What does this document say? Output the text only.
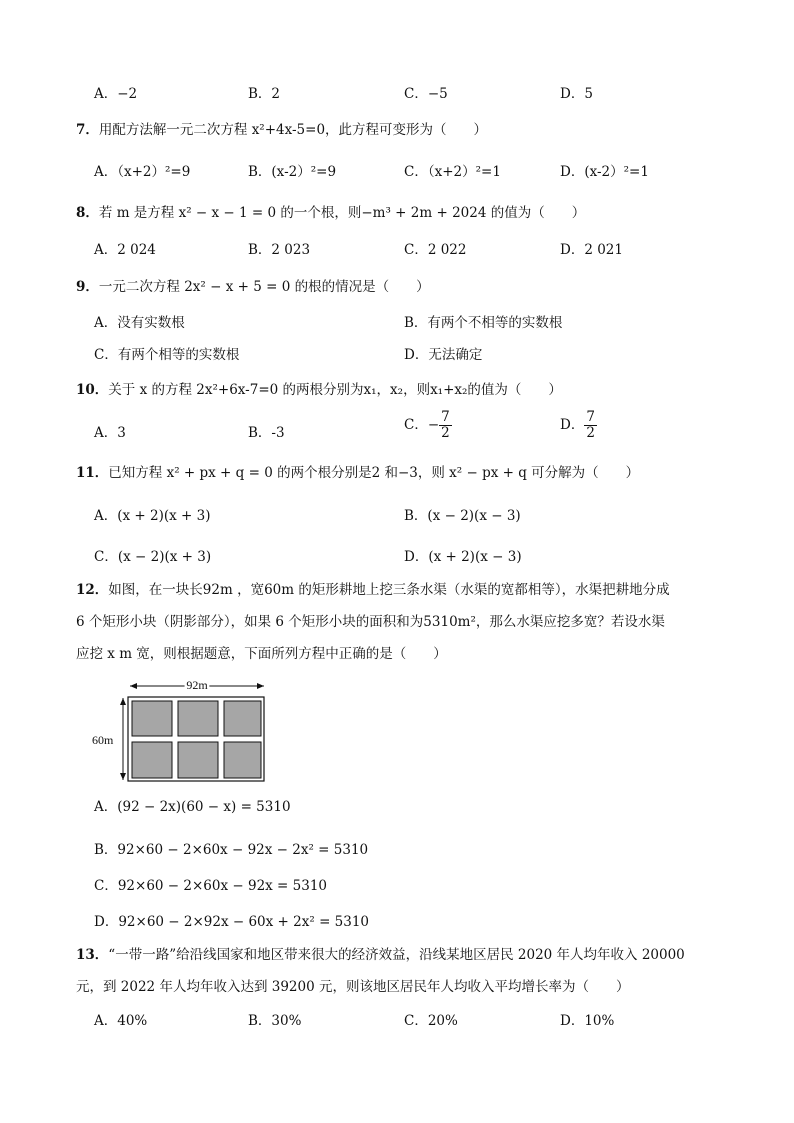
A．−2	B．2	C．−5	D．5
7．用配方法解一元二次方程 x²+4x-5=0，此方程可变形为（　　）
A．（x+2）²=9	B．(x-2）²=9	C．（x+2）²=1	D．(x-2）²=1
8．若 m 是方程 x² − x − 1 = 0 的一个根，则−m³ + 2m + 2024 的值为（　　）
A．2 024	B．2 023	C．2 022	D．2 021
9．一元二次方程 2x² − x + 5 = 0 的根的情况是（　　）
A．没有实数根	B．有两个不相等的实数根
C．有两个相等的实数根	D．无法确定
10．关于 x 的方程 2x²+6x-7=0 的两根分别为x₁，x₂，则x₁+x₂的值为（　　）
A．3	B．-3	C．− $\frac{7}{2}$	D． $\frac{7}{2}$
11．已知方程 x² + px + q = 0 的两个根分别是2 和−3，则 x² − px + q 可分解为（　　）
A．(x + 2)(x + 3)	B．(x − 2)(x − 3)
C．(x − 2)(x + 3)	D．(x + 2)(x − 3)
12．如图，在一块长92m ，宽60m 的矩形耕地上挖三条水渠（水渠的宽都相等），水渠把耕地分成
6 个矩形小块（阴影部分），如果 6 个矩形小块的面积和为5310m²，那么水渠应挖多宽？若设水渠
应挖 x m 宽，则根据题意，下面所列方程中正确的是（　　）
92m
60m
A．(92 − 2x)(60 − x) = 5310
B．92×60 − 2×60x − 92x − 2x² = 5310
C．92×60 − 2×60x − 92x = 5310
D．92×60 − 2×92x − 60x + 2x² = 5310
13．“一带一路”给沿线国家和地区带来很大的经济效益，沿线某地区居民 2020 年人均年收入 20000
元，到 2022 年人均年收入达到 39200 元，则该地区居民年人均收入平均增长率为（　　）
A．40%	B．30%	C．20%	D．10%
